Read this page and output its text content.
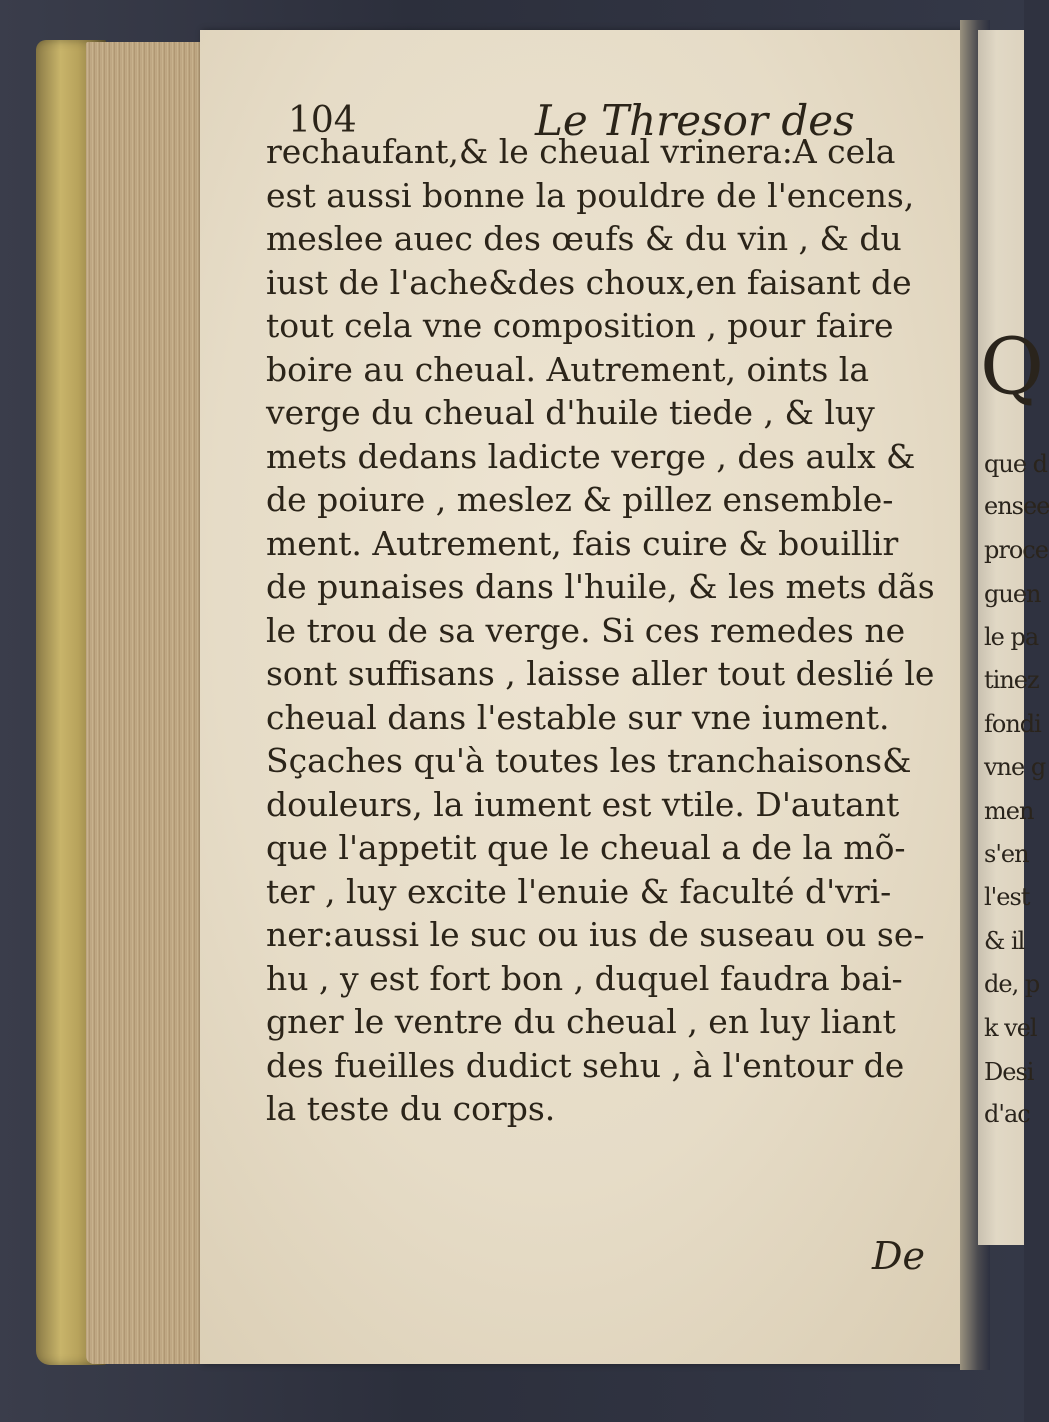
104	Le Thresor des
rechaufant,& le cheual vrinera:A cela
est aussi bonne la pouldre de l'encens,
meslee auec des œufs & du vin , & du
iust de l'ache&des choux,en faisant de
tout cela vne composition , pour faire
boire au cheual. Autrement, oints la
verge du cheual d'huile tiede , & luy
mets dedans ladicte verge , des aulx &
de poiure , meslez & pillez ensemble-
ment. Autrement, fais cuire & bouillir
de punaises dans l'huile, & les mets dãs
le trou de sa verge. Si ces remedes ne
sont suffisans , laisse aller tout deslié le
cheual dans l'estable sur vne iument.
Sçaches qu'à toutes les tranchaisons&
douleurs, la iument est vtile. D'autant
que l'appetit que le cheual a de la mõ-
ter , luy excite l'enuie & faculté d'vri-
ner:aussi le suc ou ius de suseau ou se-
hu , y est fort bon , duquel faudra bai-
gner le ventre du cheual , en luy liant
des fueilles dudict sehu , à l'entour de
la teste du corps.
De
Q
que d
ensee
proce
guen
le pa
tinez
fondi
vne g
men
s'en
l'est
& il
de, p
k vel
Desi
d'ac
